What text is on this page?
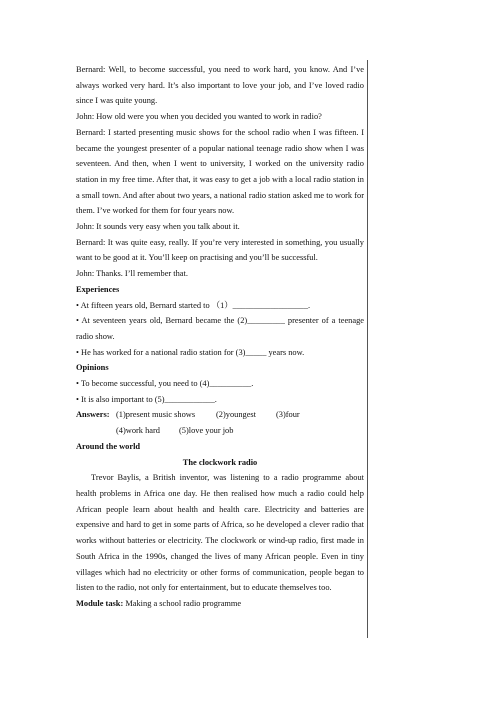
Bernard: Well, to become successful, you need to work hard, you know. And I’ve always worked very hard. It’s also important to love your job, and I’ve loved radio since I was quite young.

John: How old were you when you decided you wanted to work in radio?

Bernard: I started presenting music shows for the school radio when I was fifteen. I became the youngest presenter of a popular national teenage radio show when I was seventeen. And then, when I went to university, I worked on the university radio station in my free time. After that, it was easy to get a job with a local radio station in a small town. And after about two years, a national radio station asked me to work for them. I’ve worked for them for four years now.

John: It sounds very easy when you talk about it.

Bernard: It was quite easy, really. If you’re very interested in something, you usually want to be good at it. You’ll keep on practising and you’ll be successful.

John: Thanks. I’ll remember that.

Experiences

• At fifteen years old, Bernard started to （1）__________________.

• At seventeen years old, Bernard became the (2)_________ presenter of a teenage radio show.

• He has worked for a national radio station for (3)_____ years now.

Opinions

• To become successful, you need to (4)__________.

• It is also important to (5)____________.

Answers: (1)present music shows	(2)youngest	(3)four
(4)work hard	(5)love your job

Around the world

The clockwork radio

Trevor Baylis, a British inventor, was listening to a radio programme about health problems in Africa one day. He then realised how much a radio could help African people learn about health and health care. Electricity and batteries are expensive and hard to get in some parts of Africa, so he developed a clever radio that works without batteries or electricity. The clockwork or wind-up radio, first made in South Africa in the 1990s, changed the lives of many African people. Even in tiny villages which had no electricity or other forms of communication, people began to listen to the radio, not only for entertainment, but to educate themselves too.

Module task: Making a school radio programme
